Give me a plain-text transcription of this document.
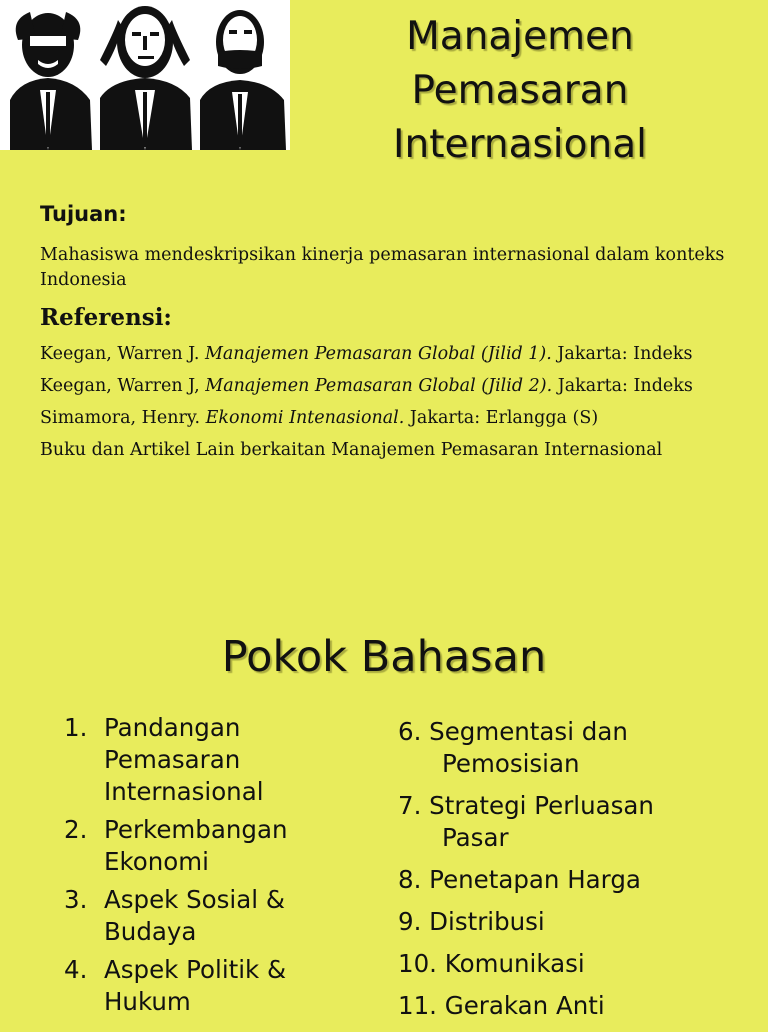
Manajemen
Pemasaran
Internasional
Tujuan:
Mahasiswa mendeskripsikan kinerja pemasaran internasional dalam konteks Indonesia
Referensi:
Keegan, Warren J. Manajemen Pemasaran Global (Jilid 1). Jakarta: Indeks
Keegan, Warren J, Manajemen Pemasaran Global (Jilid 2). Jakarta: Indeks
Simamora, Henry. Ekonomi Intenasional. Jakarta: Erlangga (S)
Buku dan Artikel Lain berkaitan Manajemen Pemasaran Internasional
Pokok Bahasan
1. Pandangan Pemasaran Internasional
2. Perkembangan Ekonomi
3. Aspek Sosial & Budaya
4. Aspek Politik & Hukum
6. Segmentasi dan
Pemosisian
7. Strategi Perluasan
Pasar
8. Penetapan Harga
9. Distribusi
10. Komunikasi
11. Gerakan Anti
